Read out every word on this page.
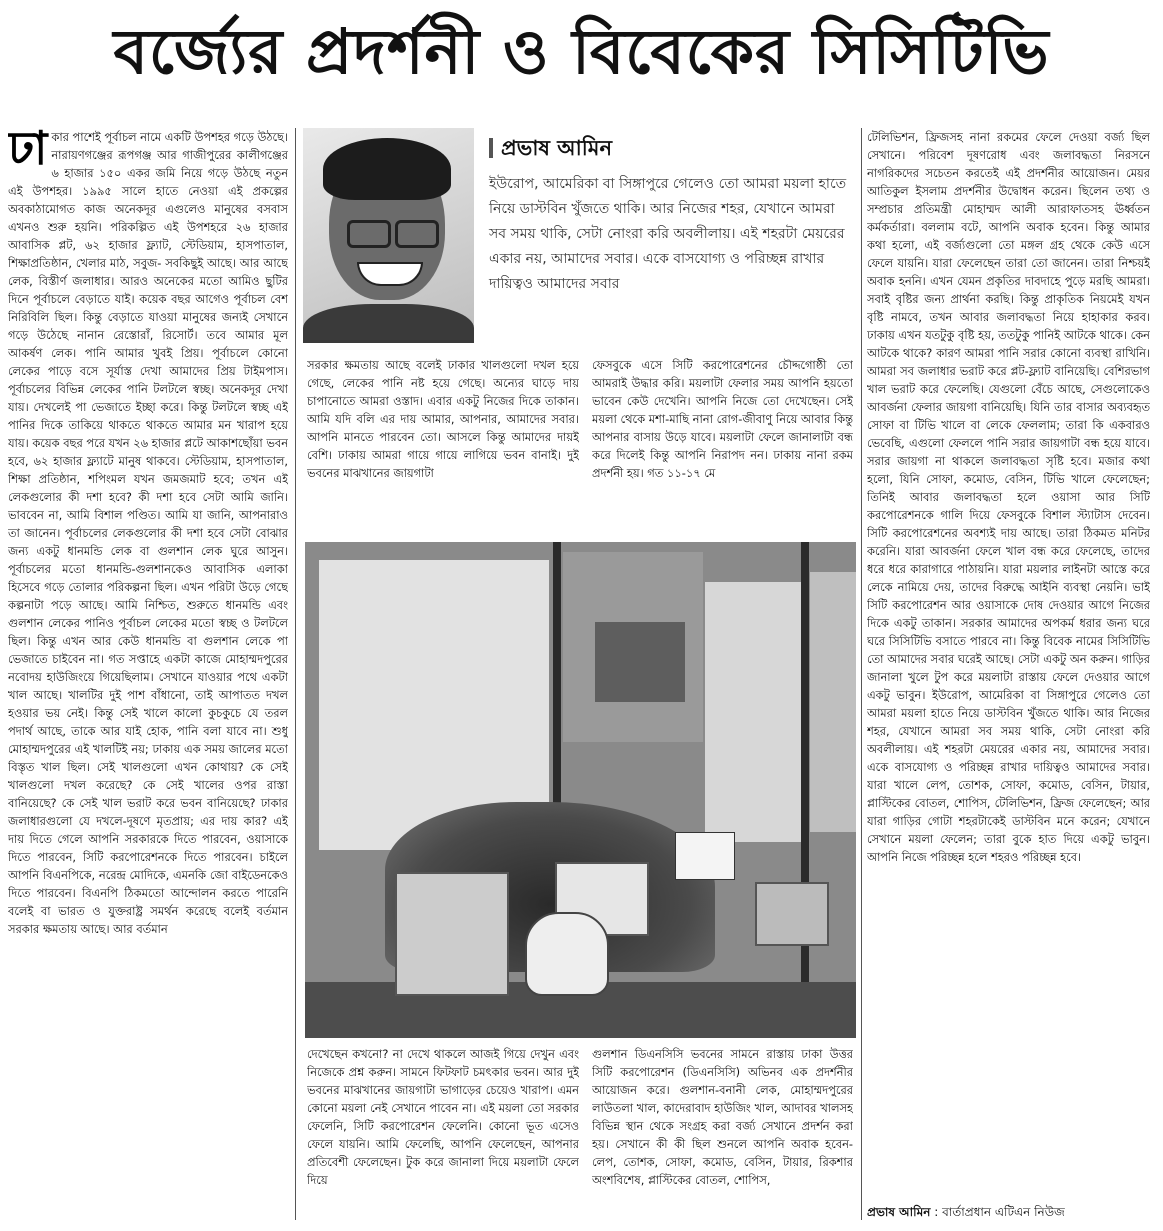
বর্জ্যের প্রদর্শনী ও বিবেকের সিসিটিভি
ঢা কার পাশেই পূর্বাচল নামে একটি উপশহর গড়ে উঠছে। নারায়ণগঞ্জের রূপগঞ্জ আর গাজীপুরের কালীগঞ্জের ৬ হাজার ১৫০ একর জমি নিয়ে গড়ে উঠছে নতুন এই উপশহর। ১৯৯৫ সালে হাতে নেওয়া এই প্রকল্পের অবকাঠামোগত কাজ অনেকদূর এগুলেও মানুষের বসবাস এখনও শুরু হয়নি। পরিকল্পিত এই উপশহরে ২৬ হাজার আবাসিক প্লট, ৬২ হাজার ফ্ল্যাট, স্টেডিয়াম, হাসপাতাল, শিক্ষাপ্রতিষ্ঠান, খেলার মাঠ, সবুজ- সবকিছুই আছে। আর আছে লেক, বিস্তীর্ণ জলাধার। আরও অনেকের মতো আমিও ছুটির দিনে পূর্বাচলে বেড়াতে যাই। কয়েক বছর আগেও পূর্বাচল বেশ নিরিবিলি ছিল। কিন্তু বেড়াতে যাওয়া মানুষের জন্যই সেখানে গড়ে উঠেছে নানান রেস্তোরাঁ, রিসোর্ট। তবে আমার মূল আকর্ষণ লেক। পানি আমার খুবই প্রিয়। পূর্বাচলে কোনো লেকের পাড়ে বসে সূর্যাস্ত দেখা আমাদের প্রিয় টাইমপাস। পূর্বাচলের বিভিন্ন লেকের পানি টলটলে স্বচ্ছ। অনেকদূর দেখা যায়। দেখলেই পা ভেজাতে ইচ্ছা করে। কিন্তু টলটলে স্বচ্ছ এই পানির দিকে তাকিয়ে থাকতে থাকতে আমার মন খারাপ হয়ে যায়। কয়েক বছর পরে যখন ২৬ হাজার প্লটে আকাশছোঁয়া ভবন হবে, ৬২ হাজার ফ্ল্যাটে মানুষ থাকবে। স্টেডিয়াম, হাসপাতাল, শিক্ষা প্রতিষ্ঠান, শপিংমল যখন জমজমাট হবে; তখন এই লেকগুলোর কী দশা হবে? কী দশা হবে সেটা আমি জানি। ভাববেন না, আমি বিশাল পণ্ডিত। আমি যা জানি, আপনারাও তা জানেন। পূর্বাচলের লেকগুলোর কী দশা হবে সেটা বোঝার জন্য একটু ধানমন্ডি লেক বা গুলশান লেক ঘুরে আসুন। পূর্বাচলের মতো ধানমন্ডি-গুলশানকেও আবাসিক এলাকা হিসেবে গড়ে তোলার পরিকল্পনা ছিল। এখন পরিটা উড়ে গেছে কল্পনাটা পড়ে আছে। আমি নিশ্চিত, শুরুতে ধানমন্ডি এবং গুলশান লেকের পানিও পূর্বাচল লেকের মতো স্বচ্ছ ও টলটলে ছিল। কিন্তু এখন আর কেউ ধানমন্ডি বা গুলশান লেকে পা ভেজাতে চাইবেন না। গত সপ্তাহে একটা কাজে মোহাম্মদপুরের নবোদয় হাউজিংয়ে গিয়েছিলাম। সেখানে যাওয়ার পথে একটা খাল আছে। খালটির দুই পাশ বাঁধানো, তাই আপাতত দখল হওয়ার ভয় নেই। কিন্তু সেই খালে কালো কুচকুচে যে তরল পদার্থ আছে, তাকে আর যাই হোক, পানি বলা যাবে না। শুধু মোহাম্মদপুরের এই খালটিই নয়; ঢাকায় এক সময় জালের মতো বিস্তৃত খাল ছিল। সেই খালগুলো এখন কোথায়? কে সেই খালগুলো দখল করেছে? কে সেই খালের ওপর রাস্তা বানিয়েছে? কে সেই খাল ভরাট করে ভবন বানিয়েছে? ঢাকার জলাধারগুলো যে দখলে-দূষণে মৃতপ্রায়; এর দায় কার? এই দায় দিতে গেলে আপনি সরকারকে দিতে পারবেন, ওয়াসাকে দিতে পারবেন, সিটি করপোরেশনকে দিতে পারবেন। চাইলে আপনি বিএনপিকে, নরেন্দ্র মোদিকে, এমনকি জো বাইডেনকেও দিতে পারবেন। বিএনপি ঠিকমতো আন্দোলন করতে পারেনি বলেই বা ভারত ও যুক্তরাষ্ট্র সমর্থন করেছে বলেই বর্তমান সরকার ক্ষমতায় আছে। আর বর্তমান
প্রভাষ আমিন
ইউরোপ, আমেরিকা বা সিঙ্গাপুরে গেলেও তো আমরা ময়লা হাতে নিয়ে ডাস্টবিন খুঁজতে থাকি। আর নিজের শহর, যেখানে আমরা সব সময় থাকি, সেটা নোংরা করি অবলীলায়। এই শহরটা মেয়রের একার নয়, আমাদের সবার। একে বাসযোগ্য ও পরিচ্ছন্ন রাখার দায়িত্বও আমাদের সবার
সরকার ক্ষমতায় আছে বলেই ঢাকার খালগুলো দখল হয়ে গেছে, লেকের পানি নষ্ট হয়ে গেছে। অন্যের ঘাড়ে দায় চাপানোতে আমরা ওস্তাদ। এবার একটু নিজের দিকে তাকান। আমি যদি বলি এর দায় আমার, আপনার, আমাদের সবার। আপনি মানতে পারবেন তো। আসলে কিন্তু আমাদের দায়ই বেশি। ঢাকায় আমরা গায়ে গায়ে লাগিয়ে ভবন বানাই। দুই ভবনের মাঝখানের জায়গাটা
ফেসবুকে এসে সিটি করপোরেশনের চৌদ্দগোষ্ঠী তো আমরাই উদ্ধার করি। ময়লাটা ফেলার সময় আপনি হয়তো ভাবেন কেউ দেখেনি। আপনি নিজে তো দেখেছেন। সেই ময়লা থেকে মশা-মাছি নানা রোগ-জীবাণু নিয়ে আবার কিন্তু আপনার বাসায় উড়ে যাবে। ময়লাটা ফেলে জানালাটা বন্ধ করে দিলেই কিন্তু আপনি নিরাপদ নন। ঢাকায় নানা রকম প্রদর্শনী হয়। গত ১১-১৭ মে
দেখেছেন কখনো? না দেখে থাকলে আজই গিয়ে দেখুন এবং নিজেকে প্রশ্ন করুন। সামনে ফিটফাট চমৎকার ভবন। আর দুই ভবনের মাঝখানের জায়গাটা ভাগাড়ের চেয়েও খারাপ। এমন কোনো ময়লা নেই সেখানে পাবেন না। এই ময়লা তো সরকার ফেলেনি, সিটি করপোরেশন ফেলেনি। কোনো ভূত এসেও ফেলে যায়নি। আমি ফেলেছি, আপনি ফেলেছেন, আপনার প্রতিবেশী ফেলেছেন। টুক করে জানালা দিয়ে ময়লাটা ফেলে দিয়ে
গুলশান ডিএনসিসি ভবনের সামনে রাস্তায় ঢাকা উত্তর সিটি করপোরেশন (ডিএনসিসি) অভিনব এক প্রদর্শনীর আয়োজন করে। গুলশান-বনানী লেক, মোহাম্মদপুরের লাউতলা খাল, কাদেরাবাদ হাউজিং খাল, আদাবর খালসহ বিভিন্ন স্থান থেকে সংগ্রহ করা বর্জ্য সেখানে প্রদর্শন করা হয়। সেখানে কী কী ছিল শুনলে আপনি অবাক হবেন- লেপ, তোশক, সোফা, কমোড, বেসিন, টায়ার, রিকশার অংশবিশেষ, প্লাস্টিকের বোতল, শোপিস,

টেলিভিশন, ফ্রিজসহ নানা রকমের ফেলে দেওয়া বর্জ্য ছিল সেখানে। পরিবেশ দূষণরোধ এবং জলাবদ্ধতা নিরসনে নাগরিকদের সচেতন করতেই এই প্রদর্শনীর আয়োজন। মেয়র আতিকুল ইসলাম প্রদর্শনীর উদ্বোধন করেন। ছিলেন তথ্য ও সম্প্রচার প্রতিমন্ত্রী মোহাম্মদ আলী আরাফাতসহ ঊর্ধ্বতন কর্মকর্তারা। বললাম বটে, আপনি অবাক হবেন। কিন্তু আমার কথা হলো, এই বর্জ্যগুলো তো মঙ্গল গ্রহ থেকে কেউ এসে ফেলে যায়নি। যারা ফেলেছেন তারা তো জানেন। তারা নিশ্চয়ই অবাক হননি। এখন যেমন প্রকৃতির দাবদাহে পুড়ে মরছি আমরা। সবাই বৃষ্টির জন্য প্রার্থনা করছি। কিন্তু প্রাকৃতিক নিয়মেই যখন বৃষ্টি নামবে, তখন আবার জলাবদ্ধতা নিয়ে হাহাকার করব। ঢাকায় এখন যতটুকু বৃষ্টি হয়, ততটুকু পানিই আটকে থাকে। কেন আটকে থাকে? কারণ আমরা পানি সরার কোনো ব্যবস্থা রাখিনি। আমরা সব জলাধার ভরাট করে প্লট-ফ্ল্যাট বানিয়েছি। বেশিরভাগ খাল ভরাট করে ফেলেছি। যেগুলো বেঁচে আছে, সেগুলোকেও আবর্জনা ফেলার জায়গা বানিয়েছি। যিনি তার বাসার অব্যবহৃত সোফা বা টিভি খালে বা লেকে ফেললাম; তারা কি একবারও ভেবেছি, এগুলো ফেললে পানি সরার জায়গাটা বন্ধ হয়ে যাবে। সরার জায়গা না থাকলে জলাবদ্ধতা সৃষ্টি হবে। মজার কথা হলো, যিনি সোফা, কমোড, বেসিন, টিভি খালে ফেলেছেন; তিনিই আবার জলাবদ্ধতা হলে ওয়াসা আর সিটি করপোরেশনকে গালি দিয়ে ফেসবুকে বিশাল স্ট্যাটাস দেবেন। সিটি করপোরেশনের অবশ্যই দায় আছে। তারা ঠিকমত মনিটর করেনি। যারা আবর্জনা ফেলে খাল বন্ধ করে ফেলেছে, তাদের ধরে ধরে কারাগারে পাঠায়নি। যারা ময়লার লাইনটা আস্তে করে লেকে নামিয়ে দেয়, তাদের বিরুদ্ধে আইনি ব্যবস্থা নেয়নি। ভাই সিটি করপোরেশন আর ওয়াসাকে দোষ দেওয়ার আগে নিজের দিকে একটু তাকান। সরকার আমাদের অপকর্ম ধরার জন্য ঘরে ঘরে সিসিটিভি বসাতে পারবে না। কিন্তু বিবেক নামের সিসিটিভি তো আমাদের সবার ঘরেই আছে। সেটা একটু অন করুন। গাড়ির জানালা খুলে টুপ করে ময়লাটা রাস্তায় ফেলে দেওয়ার আগে একটু ভাবুন। ইউরোপ, আমেরিকা বা সিঙ্গাপুরে গেলেও তো আমরা ময়লা হাতে নিয়ে ডাস্টবিন খুঁজতে থাকি। আর নিজের শহর, যেখানে আমরা সব সময় থাকি, সেটা নোংরা করি অবলীলায়। এই শহরটা মেয়রের একার নয়, আমাদের সবার। একে বাসযোগ্য ও পরিচ্ছন্ন রাখার দায়িত্বও আমাদের সবার। যারা খালে লেপ, তোশক, সোফা, কমোড, বেসিন, টায়ার, প্লাস্টিকের বোতল, শোপিস, টেলিভিশন, ফ্রিজ ফেলেছেন; আর যারা গাড়ির গোটা শহরটাকেই ডাস্টবিন মনে করেন; যেখানে সেখানে ময়লা ফেলেন; তারা বুকে হাত দিয়ে একটু ভাবুন। আপনি নিজে পরিচ্ছন্ন হলে শহরও পরিচ্ছন্ন হবে।

প্রভাষ আমিন : বার্তাপ্রধান এটিএন নিউজ
